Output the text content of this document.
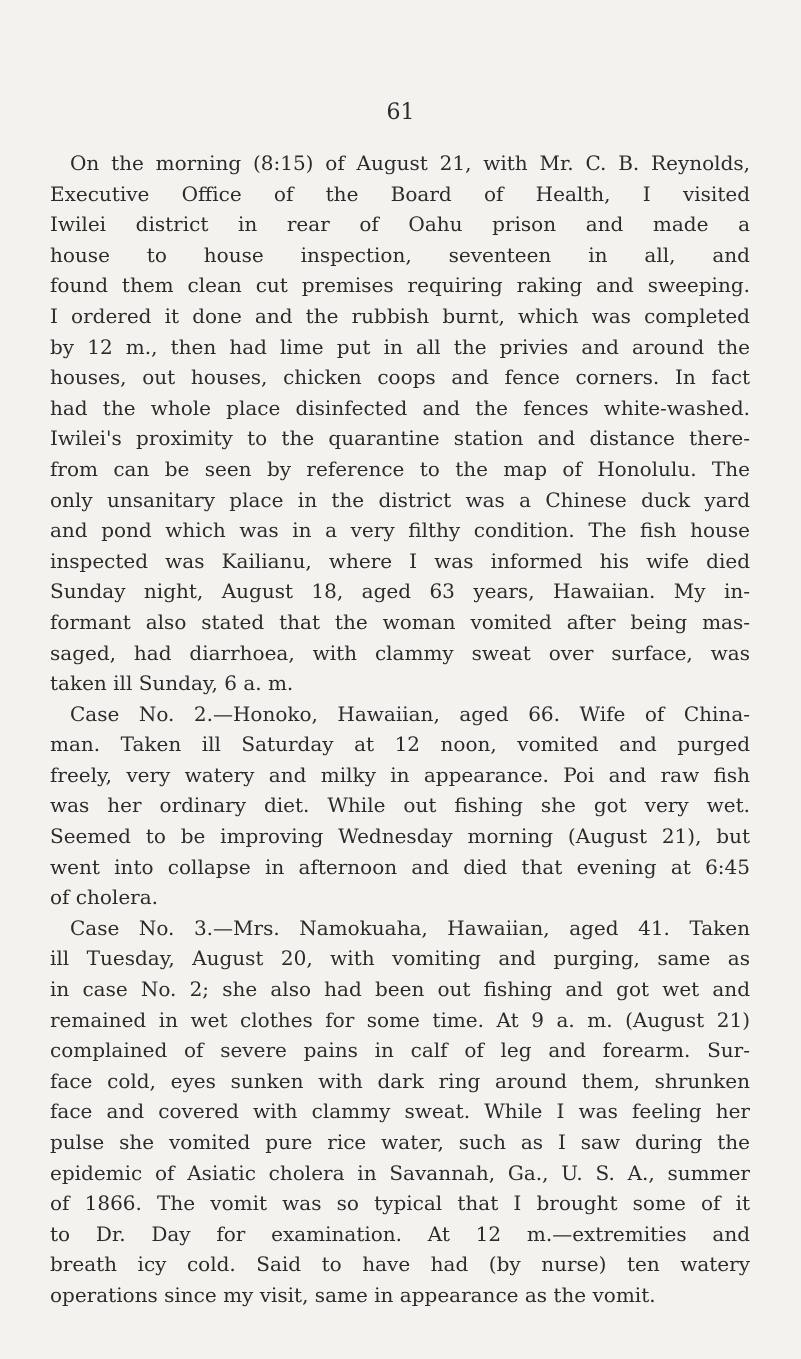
61
On the morning (8:15) of August 21, with Mr. C. B. Reynolds,
Executive Office of the Board of Health, I visited
Iwilei district in rear of Oahu prison and made a
house to house inspection, seventeen in all, and
found them clean cut premises requiring raking and sweeping.
I ordered it done and the rubbish burnt, which was completed
by 12 m., then had lime put in all the privies and around the
houses, out houses, chicken coops and fence corners. In fact
had the whole place disinfected and the fences white-washed.
Iwilei's proximity to the quarantine station and distance there-
from can be seen by reference to the map of Honolulu. The
only unsanitary place in the district was a Chinese duck yard
and pond which was in a very filthy condition. The fish house
inspected was Kailianu, where I was informed his wife died
Sunday night, August 18, aged 63 years, Hawaiian. My in-
formant also stated that the woman vomited after being mas-
saged, had diarrhoea, with clammy sweat over surface, was
taken ill Sunday, 6 a. m.
Case No. 2.—Honoko, Hawaiian, aged 66. Wife of China-
man. Taken ill Saturday at 12 noon, vomited and purged
freely, very watery and milky in appearance. Poi and raw fish
was her ordinary diet. While out fishing she got very wet.
Seemed to be improving Wednesday morning (August 21), but
went into collapse in afternoon and died that evening at 6:45
of cholera.
Case No. 3.—Mrs. Namokuaha, Hawaiian, aged 41. Taken
ill Tuesday, August 20, with vomiting and purging, same as
in case No. 2; she also had been out fishing and got wet and
remained in wet clothes for some time. At 9 a. m. (August 21)
complained of severe pains in calf of leg and forearm. Sur-
face cold, eyes sunken with dark ring around them, shrunken
face and covered with clammy sweat. While I was feeling her
pulse she vomited pure rice water, such as I saw during the
epidemic of Asiatic cholera in Savannah, Ga., U. S. A., summer
of 1866. The vomit was so typical that I brought some of it
to Dr. Day for examination. At 12 m.—extremities and
breath icy cold. Said to have had (by nurse) ten watery
operations since my visit, same in appearance as the vomit.
